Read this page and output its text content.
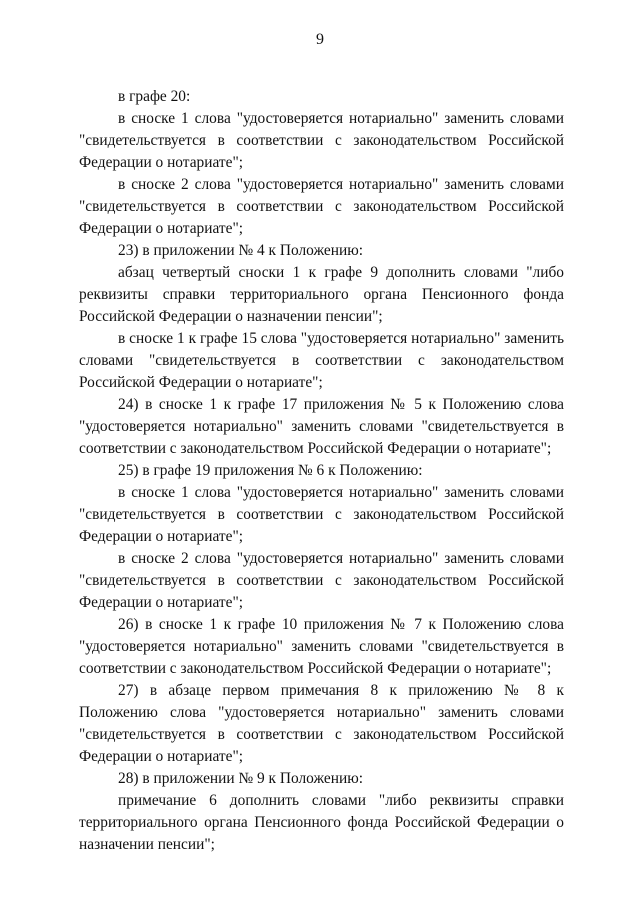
9

в графе 20:

в сноске 1 слова "удостоверяется нотариально" заменить словами "свидетельствуется в соответствии с законодательством Российской Федерации о нотариате";

в сноске 2 слова "удостоверяется нотариально" заменить словами "свидетельствуется в соответствии с законодательством Российской Федерации о нотариате";

23) в приложении № 4 к Положению:

абзац четвертый сноски 1 к графе 9 дополнить словами "либо реквизиты справки территориального органа Пенсионного фонда Российской Федерации о назначении пенсии";

в сноске 1 к графе 15 слова "удостоверяется нотариально" заменить словами "свидетельствуется в соответствии с законодательством Российской Федерации о нотариате";

24) в сноске 1 к графе 17 приложения № 5 к Положению слова "удостоверяется нотариально" заменить словами "свидетельствуется в соответствии с законодательством Российской Федерации о нотариате";

25) в графе 19 приложения № 6 к Положению:

в сноске 1 слова "удостоверяется нотариально" заменить словами "свидетельствуется в соответствии с законодательством Российской Федерации о нотариате";

в сноске 2 слова "удостоверяется нотариально" заменить словами "свидетельствуется в соответствии с законодательством Российской Федерации о нотариате";

26) в сноске 1 к графе 10 приложения № 7 к Положению слова "удостоверяется нотариально" заменить словами "свидетельствуется в соответствии с законодательством Российской Федерации о нотариате";

27) в абзаце первом примечания 8 к приложению № 8 к Положению слова "удостоверяется нотариально" заменить словами "свидетельствуется в соответствии с законодательством Российской Федерации о нотариате";

28) в приложении № 9 к Положению:

примечание 6 дополнить словами "либо реквизиты справки территориального органа Пенсионного фонда Российской Федерации о назначении пенсии";
